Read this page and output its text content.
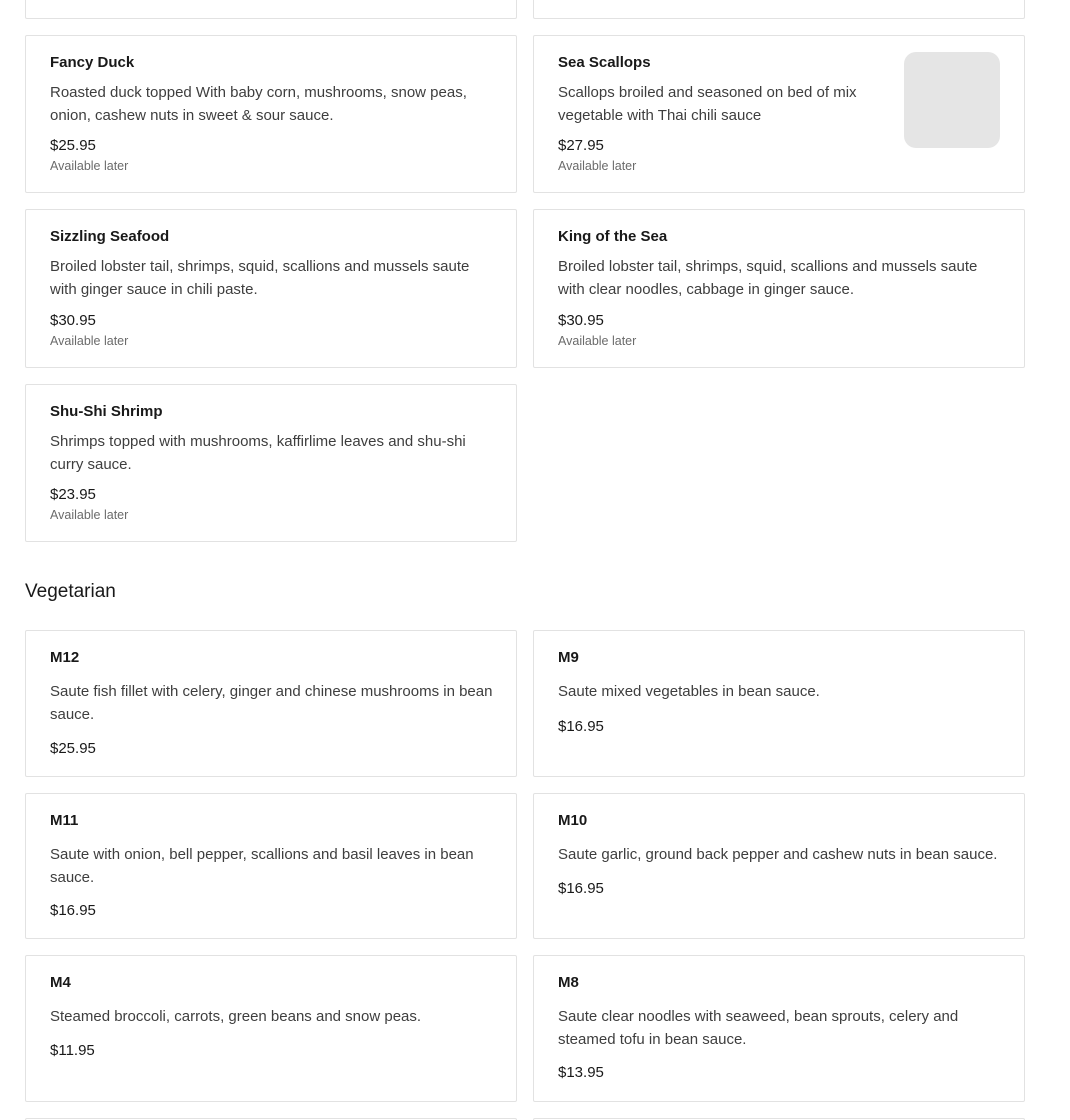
Fancy Duck

Roasted duck topped With baby corn, mushrooms, snow peas, onion, cashew nuts in sweet & sour sauce.

$25.95

Available later

Sea Scallops

Scallops broiled and seasoned on bed of mix vegetable with Thai chili sauce

$27.95

Available later

Sizzling Seafood

Broiled lobster tail, shrimps, squid, scallions and mussels saute with ginger sauce in chili paste.

$30.95

Available later

King of the Sea

Broiled lobster tail, shrimps, squid, scallions and mussels saute with clear noodles, cabbage in ginger sauce.

$30.95

Available later

Shu-Shi Shrimp

Shrimps topped with mushrooms, kaffirlime leaves and shu-shi curry sauce.

$23.95

Available later

Vegetarian
M12

Saute fish fillet with celery, ginger and chinese mushrooms in bean sauce.

$25.95

M9

Saute mixed vegetables in bean sauce.

$16.95

M11

Saute with onion, bell pepper, scallions and basil leaves in bean sauce.

$16.95

M10

Saute garlic, ground back pepper and cashew nuts in bean sauce.

$16.95

M4

Steamed broccoli, carrots, green beans and snow peas.

$11.95

M8

Saute clear noodles with seaweed, bean sprouts, celery and steamed tofu in bean sauce.

$13.95
